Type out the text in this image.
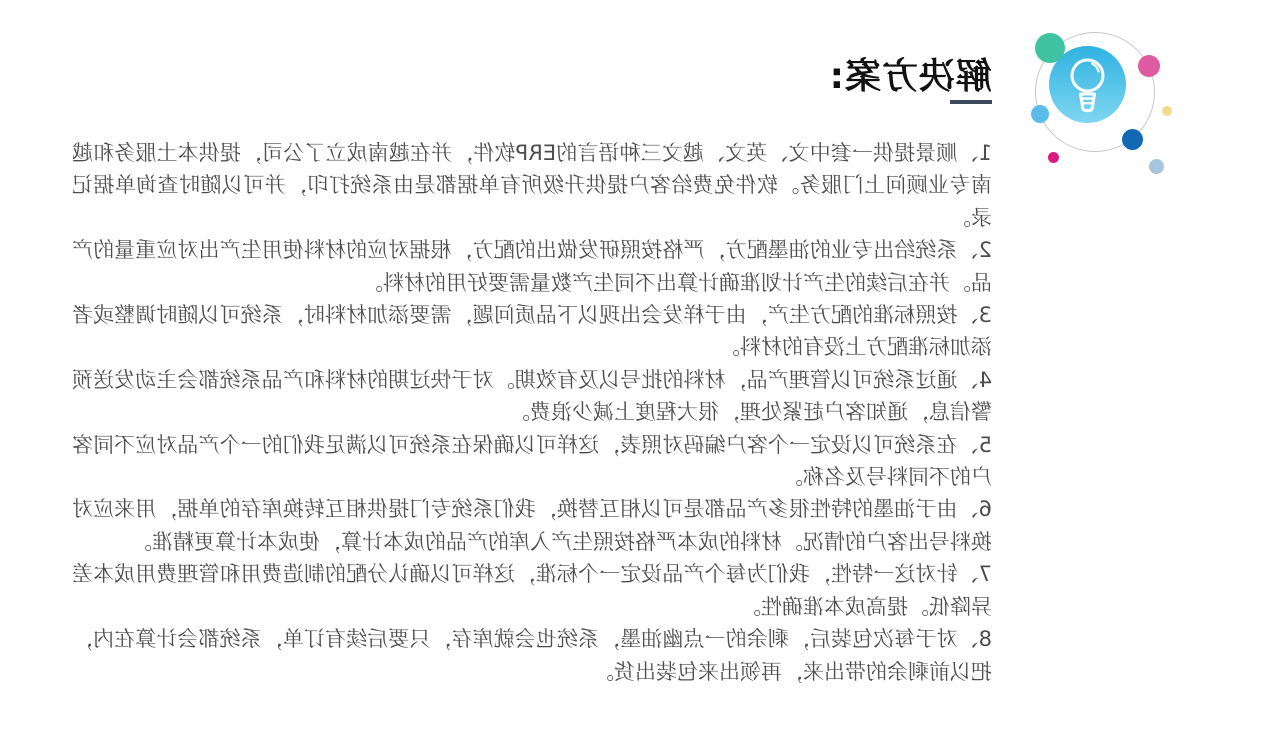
解决方案:

1、顺景提供一套中文、英文、越文三种语言的ERP软件，并在越南成立了公司，提供本土服务和越南专业顾问上门服务。软件免费给客户提供升级所有单据都是由系统打印，并可以随时查询单据记录。

2、系统给出专业的油墨配方，严格按照研发做出的配方，根据对应的材料使用生产出对应重量的产品。并在后续的生产计划准确计算出不同生产数量需要好用的材料。

3、按照标准的配方生产，由于样发会出现以下品质问题，需要添加材料时，系统可以随时调整或者添加标准配方上没有的材料。

4、通过系统可以管理产品，材料的批号以及有效期。对于快过期的材料和产品系统都会主动发送预警信息，通知客户赶紧处理，很大程度上减少浪费。

5、在系统可以设定一个客户编码对照表，这样可以确保在系统可以满足我们的一个产品对应不同客户的不同料号及名称。

6、由于油墨的特性很多产品都是可以相互替换，我们系统专门提供相互转换库存的单据，用来应对换料号出客户的情况。材料的成本严格按照生产入库的产品的成本计算，使成本计算更精准。

7、针对这一特性，我们为每个产品设定一个标准，这样可以确认分配的制造费用和管理费用成本差异降低。提高成本准确性。

8、对于每次包装后，剩余的一点幽油墨，系统也会就库存，只要后续有订单，系统都会计算在内，把以前剩余的带出来，再领出来包装出货。
